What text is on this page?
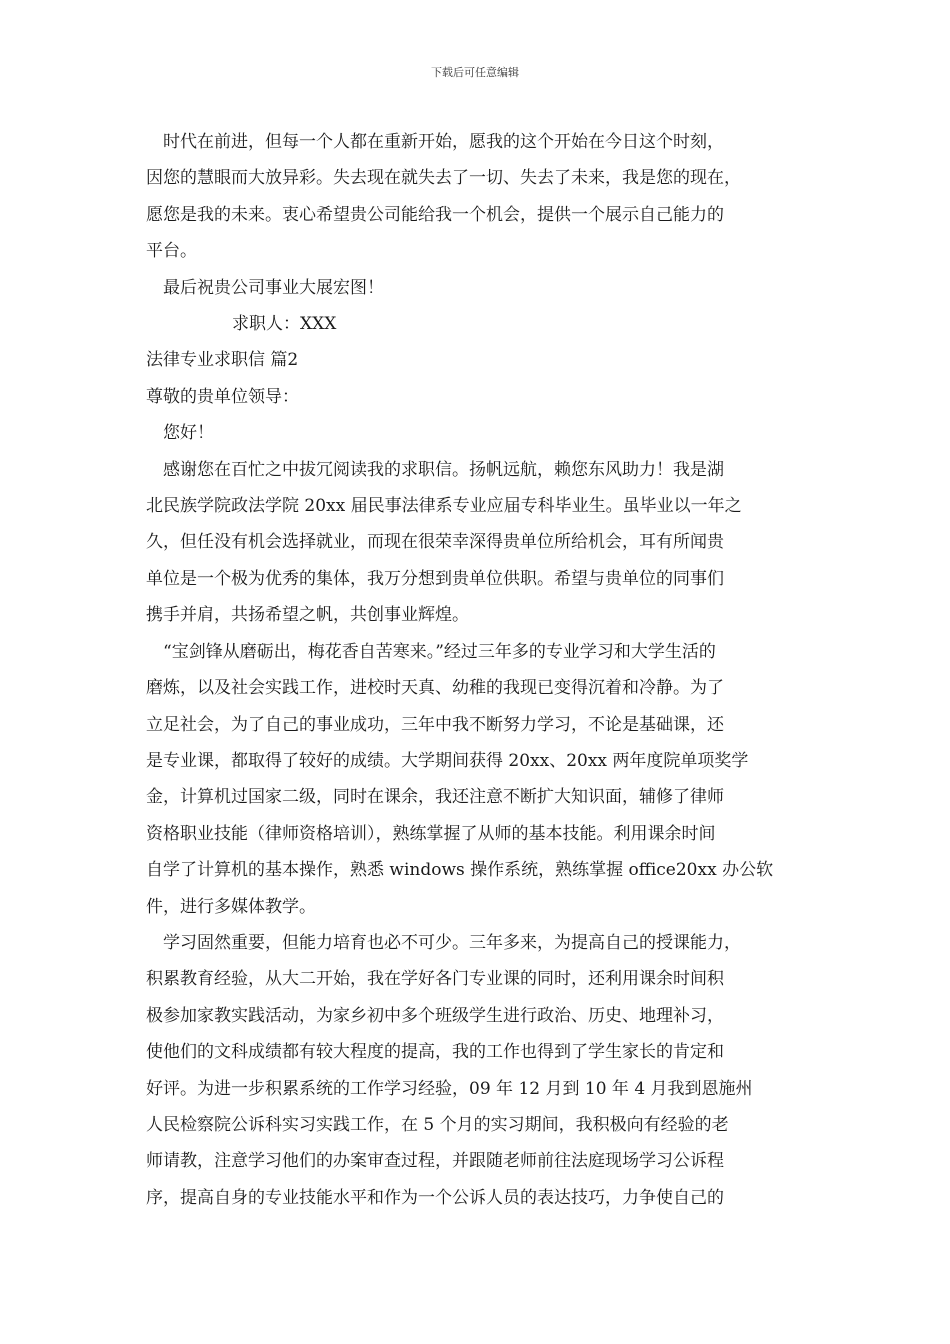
下载后可任意编辑

时代在前进，但每一个人都在重新开始，愿我的这个开始在今日这个时刻，

因您的慧眼而大放异彩。失去现在就失去了一切、失去了未来，我是您的现在，

愿您是我的未来。衷心希望贵公司能给我一个机会，提供一个展示自己能力的

平台。

最后祝贵公司事业大展宏图！

求职人：XXX

法律专业求职信 篇2

尊敬的贵单位领导：

您好！

感谢您在百忙之中拔冗阅读我的求职信。扬帆远航，赖您东风助力！我是湖

北民族学院政法学院 20xx 届民事法律系专业应届专科毕业生。虽毕业以一年之

久，但任没有机会选择就业，而现在很荣幸深得贵单位所给机会，耳有所闻贵

单位是一个极为优秀的集体，我万分想到贵单位供职。希望与贵单位的同事们

携手并肩，共扬希望之帆，共创事业辉煌。

“宝剑锋从磨砺出，梅花香自苦寒来。”经过三年多的专业学习和大学生活的

磨炼，以及社会实践工作，进校时天真、幼稚的我现已变得沉着和冷静。为了

立足社会，为了自己的事业成功，三年中我不断努力学习，不论是基础课，还

是专业课，都取得了较好的成绩。大学期间获得 20xx、20xx 两年度院单项奖学

金，计算机过国家二级，同时在课余，我还注意不断扩大知识面，辅修了律师

资格职业技能（律师资格培训），熟练掌握了从师的基本技能。利用课余时间

自学了计算机的基本操作，熟悉 windows 操作系统，熟练掌握 office20xx 办公软

件，进行多媒体教学。

学习固然重要，但能力培育也必不可少。三年多来，为提高自己的授课能力，

积累教育经验，从大二开始，我在学好各门专业课的同时，还利用课余时间积

极参加家教实践活动，为家乡初中多个班级学生进行政治、历史、地理补习，

使他们的文科成绩都有较大程度的提高，我的工作也得到了学生家长的肯定和

好评。为进一步积累系统的工作学习经验，09 年 12 月到 10 年 4 月我到恩施州

人民检察院公诉科实习实践工作，在 5 个月的实习期间，我积极向有经验的老

师请教，注意学习他们的办案审查过程，并跟随老师前往法庭现场学习公诉程

序，提高自身的专业技能水平和作为一个公诉人员的表达技巧，力争使自己的
